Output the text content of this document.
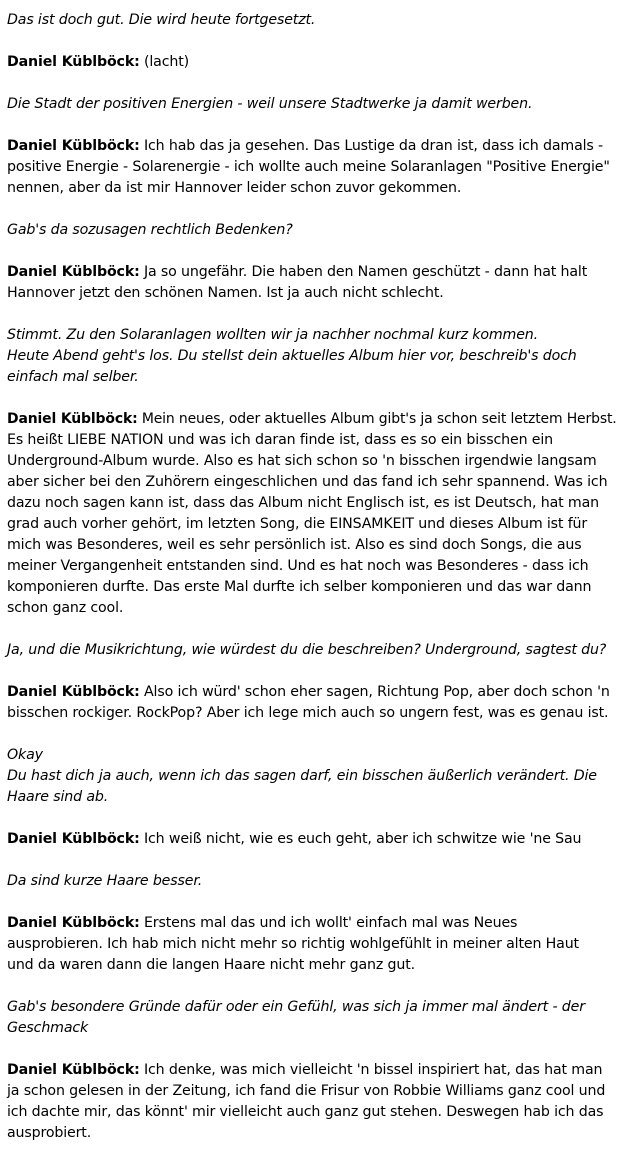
Das ist doch gut. Die wird heute fortgesetzt.

Daniel Küblböck: (lacht)

Die Stadt der positiven Energien - weil unsere Stadtwerke ja damit werben.

Daniel Küblböck: Ich hab das ja gesehen. Das Lustige da dran ist, dass ich damals -
positive Energie - Solarenergie - ich wollte auch meine Solaranlagen "Positive Energie"
nennen, aber da ist mir Hannover leider schon zuvor gekommen.

Gab's da sozusagen rechtlich Bedenken?

Daniel Küblböck: Ja so ungefähr. Die haben den Namen geschützt - dann hat halt
Hannover jetzt den schönen Namen. Ist ja auch nicht schlecht.

Stimmt. Zu den Solaranlagen wollten wir ja nachher nochmal kurz kommen.
Heute Abend geht's los. Du stellst dein aktuelles Album hier vor, beschreib's doch
einfach mal selber.

Daniel Küblböck: Mein neues, oder aktuelles Album gibt's ja schon seit letztem Herbst.
Es heißt LIEBE NATION und was ich daran finde ist, dass es so ein bisschen ein
Underground-Album wurde. Also es hat sich schon so 'n bisschen irgendwie langsam
aber sicher bei den Zuhörern eingeschlichen und das fand ich sehr spannend. Was ich
dazu noch sagen kann ist, dass das Album nicht Englisch ist, es ist Deutsch, hat man
grad auch vorher gehört, im letzten Song, die EINSAMKEIT und dieses Album ist für
mich was Besonderes, weil es sehr persönlich ist. Also es sind doch Songs, die aus
meiner Vergangenheit entstanden sind. Und es hat noch was Besonderes - dass ich
komponieren durfte. Das erste Mal durfte ich selber komponieren und das war dann
schon ganz cool.

Ja, und die Musikrichtung, wie würdest du die beschreiben? Underground, sagtest du?

Daniel Küblböck: Also ich würd' schon eher sagen, Richtung Pop, aber doch schon 'n
bisschen rockiger. RockPop? Aber ich lege mich auch so ungern fest, was es genau ist.

Okay
Du hast dich ja auch, wenn ich das sagen darf, ein bisschen äußerlich verändert. Die
Haare sind ab.

Daniel Küblböck: Ich weiß nicht, wie es euch geht, aber ich schwitze wie 'ne Sau

Da sind kurze Haare besser.

Daniel Küblböck: Erstens mal das und ich wollt' einfach mal was Neues
ausprobieren. Ich hab mich nicht mehr so richtig wohlgefühlt in meiner alten Haut
und da waren dann die langen Haare nicht mehr ganz gut.

Gab's besondere Gründe dafür oder ein Gefühl, was sich ja immer mal ändert - der
Geschmack

Daniel Küblböck: Ich denke, was mich vielleicht 'n bissel inspiriert hat, das hat man
ja schon gelesen in der Zeitung, ich fand die Frisur von Robbie Williams ganz cool und
ich dachte mir, das könnt' mir vielleicht auch ganz gut stehen. Deswegen hab ich das
ausprobiert.
